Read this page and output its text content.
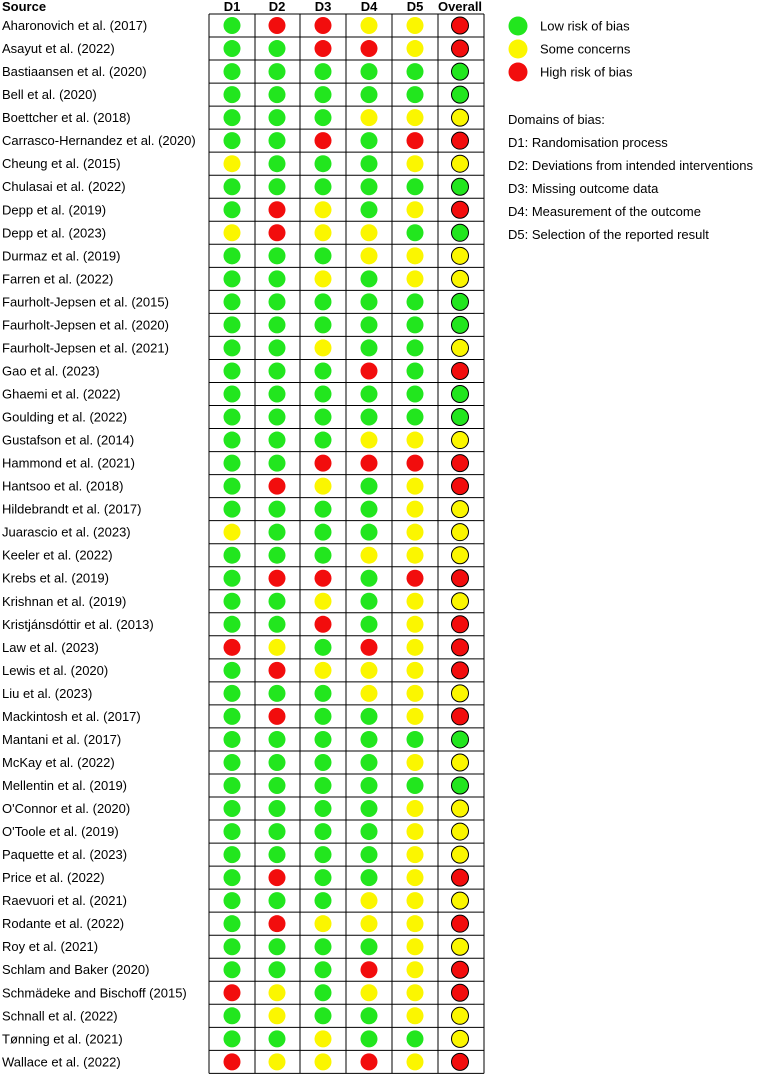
Source	D1 D2 D3 D4 D5 Overall
Aharonovich et al. (2017)
Asayut et al. (2022)
Bastiaansen et al. (2020)
Bell et al. (2020)
Boettcher et al. (2018)
Carrasco-Hernandez et al. (2020)
Cheung et al. (2015)
Chulasai et al. (2022)
Depp et al. (2019)
Depp et al. (2023)
Durmaz et al. (2019)
Farren et al. (2022)
Faurholt-Jepsen et al. (2015)
Faurholt-Jepsen et al. (2020)
Faurholt-Jepsen et al. (2021)
Gao et al. (2023)
Ghaemi et al. (2022)
Goulding et al. (2022)
Gustafson et al. (2014)
Hammond et al. (2021)
Hantsoo et al. (2018)
Hildebrandt et al. (2017)
Juarascio et al. (2023)
Keeler et al. (2022)
Krebs et al. (2019)
Krishnan et al. (2019)
Kristjánsdóttir et al. (2013)
Law et al. (2023)
Lewis et al. (2020)
Liu et al. (2023)
Mackintosh et al. (2017)
Mantani et al. (2017)
McKay et al. (2022)
Mellentin et al. (2019)
O'Connor et al. (2020)
O'Toole et al. (2019)
Paquette et al. (2023)
Price et al. (2022)
Raevuori et al. (2021)
Rodante et al. (2022)
Roy et al. (2021)
Schlam and Baker (2020)
Schmädeke and Bischoff (2015)
Schnall et al. (2022)
Tønning et al. (2021)
Wallace et al. (2022)
Low risk of bias
Some concerns
High risk of bias
Domains of bias:
D1: Randomisation process
D2: Deviations from intended interventions
D3: Missing outcome data
D4: Measurement of the outcome
D5: Selection of the reported result
